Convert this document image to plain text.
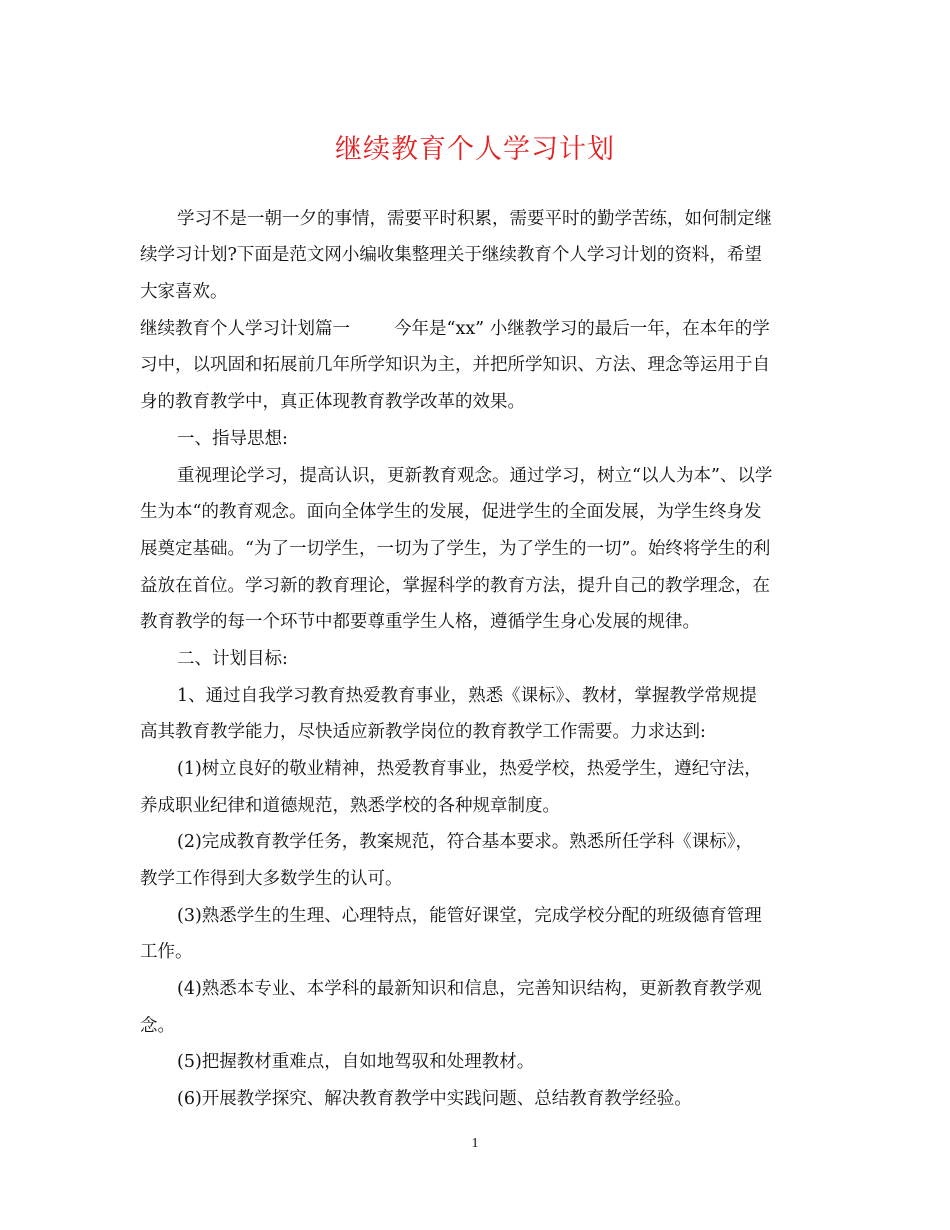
继续教育个人学习计划
学习不是一朝一夕的事情，需要平时积累，需要平时的勤学苦练，如何制定继
续学习计划?下面是范文网小编收集整理关于继续教育个人学习计划的资料，希望
大家喜欢。
继续教育个人学习计划篇一	今年是“xx” 小继教学习的最后一年，在本年的学
习中，以巩固和拓展前几年所学知识为主，并把所学知识、方法、理念等运用于自
身的教育教学中，真正体现教育教学改革的效果。
一、指导思想:
重视理论学习，提高认识，更新教育观念。通过学习，树立“以人为本”、以学
生为本“的教育观念。面向全体学生的发展，促进学生的全面发展，为学生终身发
展奠定基础。“为了一切学生，一切为了学生，为了学生的一切”。始终将学生的利
益放在首位。学习新的教育理论，掌握科学的教育方法，提升自己的教学理念，在
教育教学的每一个环节中都要尊重学生人格，遵循学生身心发展的规律。
二、计划目标:
1、通过自我学习教育热爱教育事业，熟悉《课标》、教材，掌握教学常规提
高其教育教学能力，尽快适应新教学岗位的教育教学工作需要。力求达到:
(1)树立良好的敬业精神，热爱教育事业，热爱学校，热爱学生，遵纪守法，
养成职业纪律和道德规范，熟悉学校的各种规章制度。
(2)完成教育教学任务，教案规范，符合基本要求。熟悉所任学科《课标》，
教学工作得到大多数学生的认可。
(3)熟悉学生的生理、心理特点，能管好课堂，完成学校分配的班级德育管理
工作。
(4)熟悉本专业、本学科的最新知识和信息，完善知识结构，更新教育教学观
念。
(5)把握教材重难点，自如地驾驭和处理教材。
(6)开展教学探究、解决教育教学中实践问题、总结教育教学经验。
1
